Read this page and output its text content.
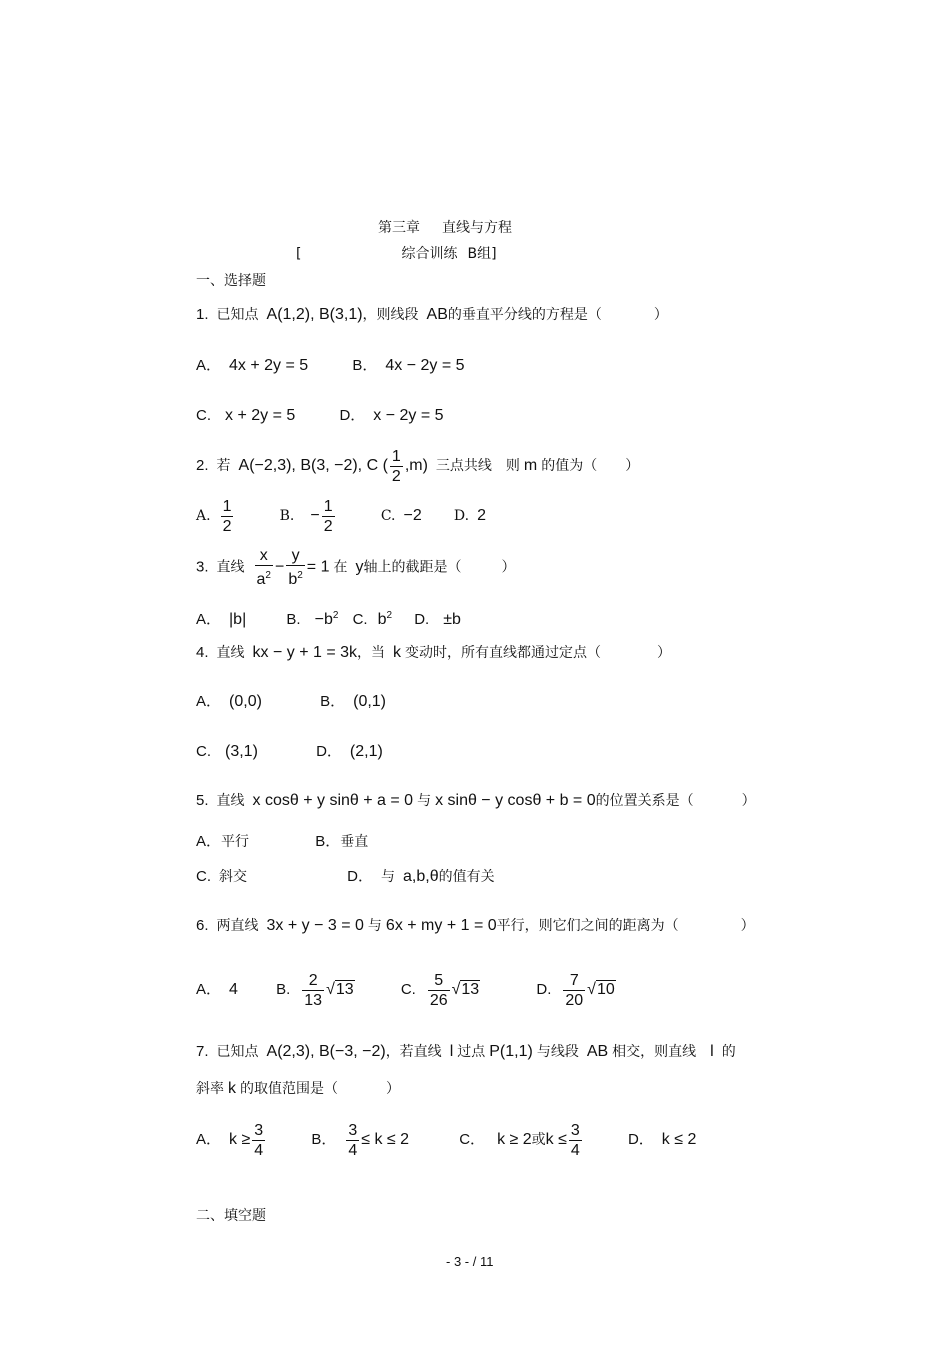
第三章 直线与方程
[	综合训练 B组]
一、选择题
1. 已知点 A(1,2), B(3,1)，则线段 AB的垂直平分线的方程是（	）
A． 4x + 2y = 5	B． 4x − 2y = 5
C. x + 2y = 5	D． x − 2y = 5
2. 若 A(−2,3), B(3, −2), C ( $\frac{1}{2} ,m$) 三点共线 则 m 的值为（ ）
A. $\frac{1}{2}$	B. − $\frac{1}{2}$	C. −2 D. 2
3. 直线 $\frac{x}{a^2} - \frac{y}{b^2} = 1$ 在 y轴上的截距是（	）
A． |b|	B. $-b^2$ C. $b^2$ D. ±b
4. 直线 kx − y + 1 = 3k，当 k 变动时，所有直线都通过定点（	）
A． (0,0)	B． (0,1)
C. (3,1)	D． (2,1)
5. 直线 x cosθ + y sinθ + a = 0 与 x sinθ − y cosθ + b = 0的位置关系是（	）
A．平行	B．垂直
C. 斜交	D． 与 a,b,θ的值有关
6. 两直线 3x + y − 3 = 0 与 6x + my + 1 = 0平行，则它们之间的距离为（	）
A． 4	B. $\frac{2}{13} √13$	C. $\frac{5}{26} √13$	D. $\frac{7}{20} √10$
7. 已知点 A(2,3), B(−3, −2)，若直线 l 过点 P(1,1) 与线段 AB 相交，则直线 l 的
斜率 k 的取值范围是（	）
A． $k \ge \frac{3}{4}$	B． $\frac{3}{4} \le k \le 2$	C． k ≥ 2或$k \le \frac{3}{4}$	D． k ≤ 2
二、填空题
- 3 - / 11
